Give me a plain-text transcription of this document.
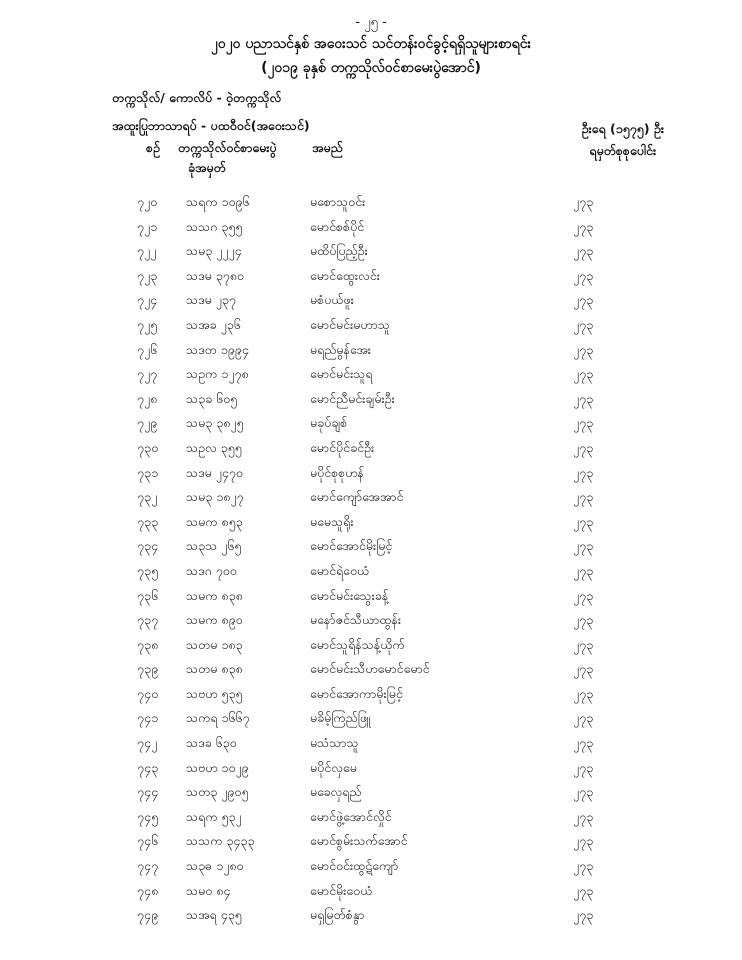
- ၂၅ -
၂၀၂၀ ပညာသင်နှစ် အဝေးသင် သင်တန်းဝင်ခွင့်ရရှိသူများစာရင်း
(၂၀၁၉ ခုနှစ် တက္ကသိုလ်ဝင်စာမေးပွဲအောင်)
တက္ကသိုလ်/ ကောလိပ် - ဝဲ့တက္ကသိုလ်
အထူးပြုဘာသာရပ် - ပထဝီဝင်(အဝေးသင်)	ဦးရေ (၁၅၇၅) ဦး
ရမှတ်စုစုပေါင်း
စဉ် တက္ကသိုလ်ဝင်စာမေးပွဲ
ခုံအမှတ်
အမည်
၇၂၀ သရက ၁၀၉၆	မစောသူဝင်း	၂၇၃
၇၂၁ သသဂ ၃၅၅	မောင်စစ်ပိုင်	၂၇၃
၇၂၂ သမ၃ ၂၂၂၄	မထိပ်ပြည့်ဦး	၂၇၃
၇၂၃ သဒမ ၃၇၈၀	မောင်ထွေးလင်း	၂၇၃
၇၂၄ သဒမ ၂၃၇	မစံပယ်ဖူး	၂၇၃
၇၂၅ သအခ ၂၃၆	မောင်မင်းမဟာသူ	၂၇၃
၇၂၆ သဒတ ၁၉၉၄	မရည်မွန်အေး	၂၇၃
၇၂၇ သဥက ၁၂၇၈	မောင်မင်းသူရ	၂၇၃
၇၂၈ သ၃ခ ၆၀၅	မောင်ညီမင်းချမ်းဦး	၂၇၃
၇၂၉ သမ၃ ၃၈၂၅	မခုပ်ချစ်	၂၇၃
၇၃၀ သဥလ ၃၅၅	မောင်ပိုင်ခင်ဦး	၂၇၃
၇၃၁ သဒမ ၂၄၇၀	မပိုင်စုစုဟန်	၂၇၃
၇၃၂ သမ၃ ၁၈၂၇	မောင်ကျော်အေအာင်	၂၇၃
၇၃၃ သမက ၈၅၃	မမေသူရိုး	၂၇၃
၇၃၄ သ၃သ ၂၆၅	မောင်အောင်မိုးမြင့်	၂၇၃
၇၃၅ သဒဂ ၇၀၀	မောင်ရဲဝေယံ	၂၇၃
၇၃၆ သမက ၈၃၈	မောင်မင်းသွေးခန့်	၂၇၃
၇၃၇ သမက ၈၉၀	မနော်ဇင်သီယာထွန်း	၂၇၃
၇၃၈ သတမ ၁၈၃	မောင်သူရိန်သန့်ယိုက်	၂၇၃
၇၃၉ သတမ ၈၃၈	မောင်မင်းသီဟမောင်မောင်	၂၇၃
၇၄၀ သဗဟ ၅၃၅	မောင်အောကာမိုးမြင့်	၂၇၃
၇၄၁ သကရ ၁၆၆၇	မခိမ့်ကြည်ဖြူ	၂၇၃
၇၄၂ သဒခ ၆၃၀	မသံသာသူ	၂၇၃
၇၄၃ သဗဟ ၁၀၂၉	မပိုင်လှမေ	၂၇၃
၇၄၄ သတ၃ ၂၉၀၅	မခေလှရည်	၂၇၃
၇၄၅ သရက ၅၃၂	မောင်ဖွဲ့အောင်လှိုင်	၂၇၃
၇၄၆ သသက ၃၄၃၃	မောင်စွမ်းသက်အောင်	၂၇၃
၇၄၇ သ၃ဓ ၁၂၈၀	မောင်ဝင်းထွဋ်ကျော်	၂၇၃
၇၄၈ သမဝ ၈၄	မောင်မိုးဝေယံ	၂၇၃
၇၄၉ သအရ ၄၃၅	မရှမြတ်စံနွာ	၂၇၃
